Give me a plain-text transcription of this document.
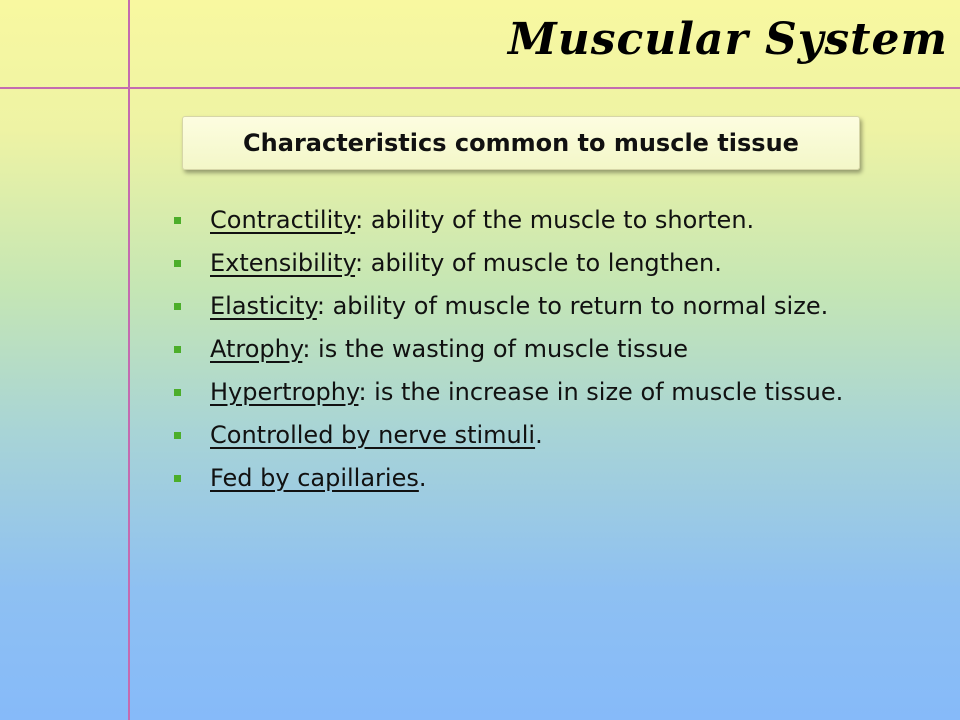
Muscular System
Characteristics common to muscle tissue
Contractility: ability of the muscle to shorten.
Extensibility: ability of muscle to lengthen.
Elasticity: ability of muscle to return to normal size.
Atrophy: is the wasting of muscle tissue
Hypertrophy: is the increase in size of muscle tissue.
Controlled by nerve stimuli.
Fed by capillaries.
